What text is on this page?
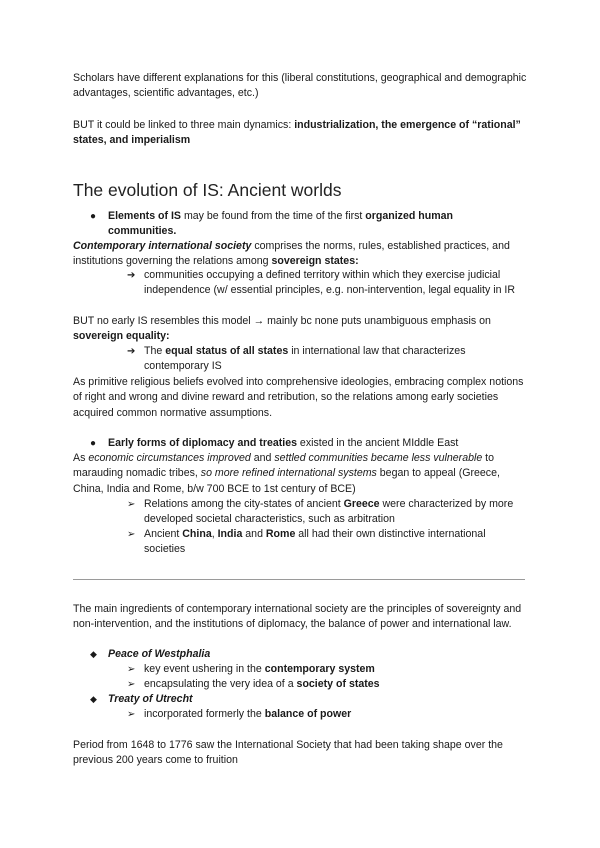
Scholars have different explanations for this (liberal constitutions, geographical and demographic advantages, scientific advantages, etc.)

BUT it could be linked to three main dynamics: industrialization, the emergence of “rational” states, and imperialism

The evolution of IS: Ancient worlds
● Elements of IS may be found from the time of the first organized human communities.

Contemporary international society comprises the norms, rules, established practices, and institutions governing the relations among sovereign states:

➔ communities occupying a defined territory within which they exercise judicial independence (w/ essential principles, e.g. non-intervention, legal equality in IR

BUT no early IS resembles this model → mainly bc none puts unambiguous emphasis on sovereign equality:

➔ The equal status of all states in international law that characterizes contemporary IS

As primitive religious beliefs evolved into comprehensive ideologies, embracing complex notions of right and wrong and divine reward and retribution, so the relations among early societies acquired common normative assumptions.

● Early forms of diplomacy and treaties existed in the ancient MIddle East

As economic circumstances improved and settled communities became less vulnerable to marauding nomadic tribes, so more refined international systems began to appeal (Greece, China, India and Rome, b/w 700 BCE to 1st century of BCE)

➢ Relations among the city-states of ancient Greece were characterized by more developed societal characteristics, such as arbitration
➢ Ancient China, India and Rome all had their own distinctive international societies

The main ingredients of contemporary international society are the principles of sovereignty and non-intervention, and the institutions of diplomacy, the balance of power and international law.

◆ Peace of Westphalia
➢ key event ushering in the contemporary system
➢ encapsulating the very idea of a society of states
◆ Treaty of Utrecht
➢ incorporated formerly the balance of power

Period from 1648 to 1776 saw the International Society that had been taking shape over the previous 200 years come to fruition
